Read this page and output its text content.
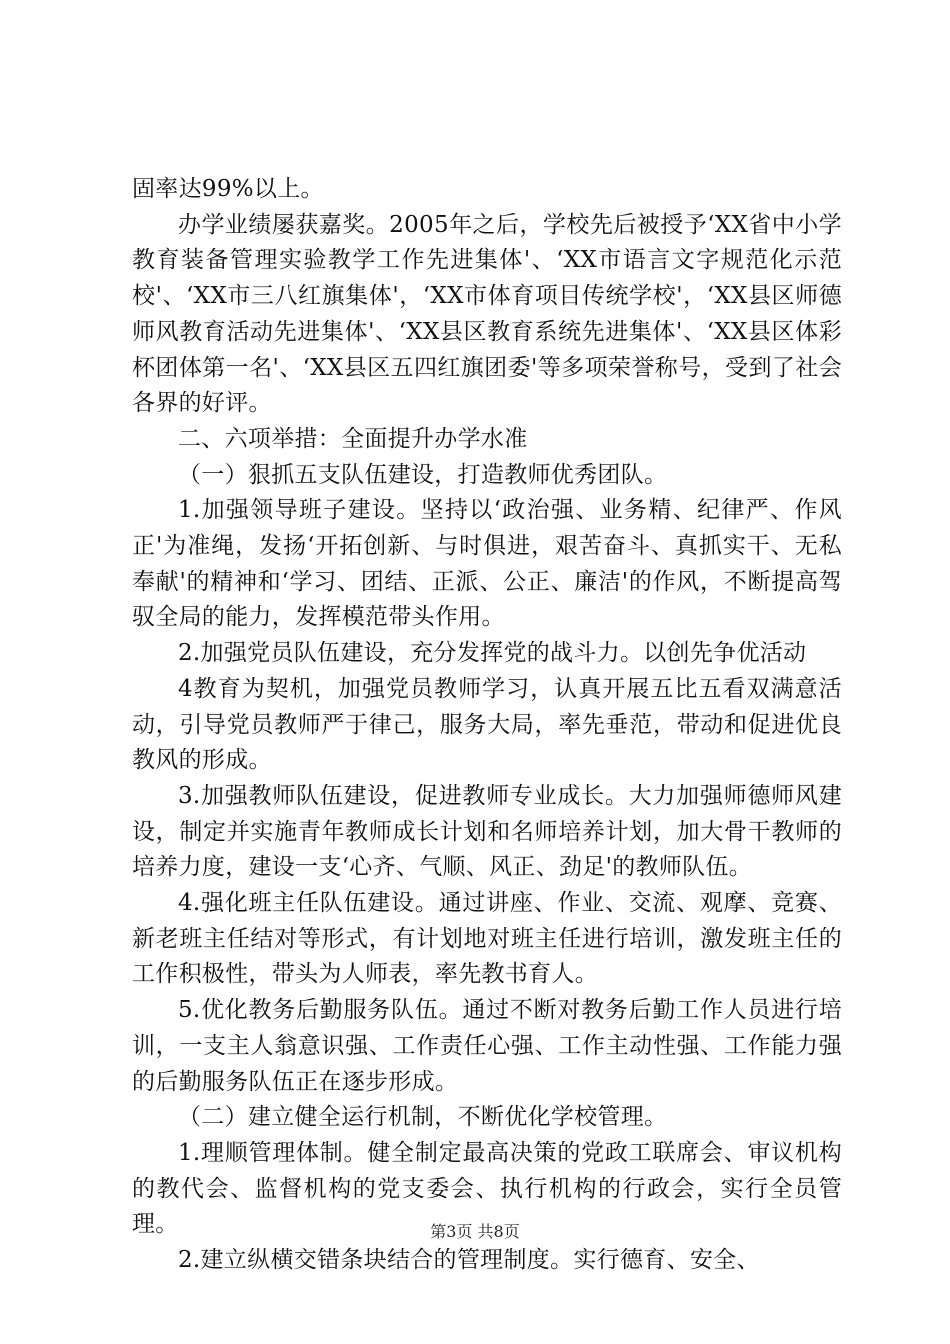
固率达99%以上。

办学业绩屡获嘉奖。2005年之后，学校先后被授予‘XX省中小学教育装备管理实验教学工作先进集体'、‘XX市语言文字规范化示范校'、‘XX市三八红旗集体'，‘XX市体育项目传统学校'，‘XX县区师德师风教育活动先进集体'、‘XX县区教育系统先进集体'、‘XX县区体彩杯团体第一名'、‘XX县区五四红旗团委'等多项荣誉称号，受到了社会各界的好评。

二、六项举措：全面提升办学水准

（一）狠抓五支队伍建设，打造教师优秀团队。

1.加强领导班子建设。坚持以‘政治强、业务精、纪律严、作风正'为准绳，发扬‘开拓创新、与时俱进，艰苦奋斗、真抓实干、无私奉献'的精神和‘学习、团结、正派、公正、廉洁'的作风，不断提高驾驭全局的能力，发挥模范带头作用。

2.加强党员队伍建设，充分发挥党的战斗力。以创先争优活动

4教育为契机，加强党员教师学习，认真开展五比五看双满意活动，引导党员教师严于律己，服务大局，率先垂范，带动和促进优良教风的形成。

3.加强教师队伍建设，促进教师专业成长。大力加强师德师风建设，制定并实施青年教师成长计划和名师培养计划，加大骨干教师的培养力度，建设一支‘心齐、气顺、风正、劲足'的教师队伍。

4.强化班主任队伍建设。通过讲座、作业、交流、观摩、竞赛、新老班主任结对等形式，有计划地对班主任进行培训，激发班主任的工作积极性，带头为人师表，率先教书育人。

5.优化教务后勤服务队伍。通过不断对教务后勤工作人员进行培训，一支主人翁意识强、工作责任心强、工作主动性强、工作能力强的后勤服务队伍正在逐步形成。

（二）建立健全运行机制，不断优化学校管理。

1.理顺管理体制。健全制定最高决策的党政工联席会、审议机构的教代会、监督机构的党支委会、执行机构的行政会，实行全员管理。

2.建立纵横交错条块结合的管理制度。实行德育、安全、

第3页 共8页
